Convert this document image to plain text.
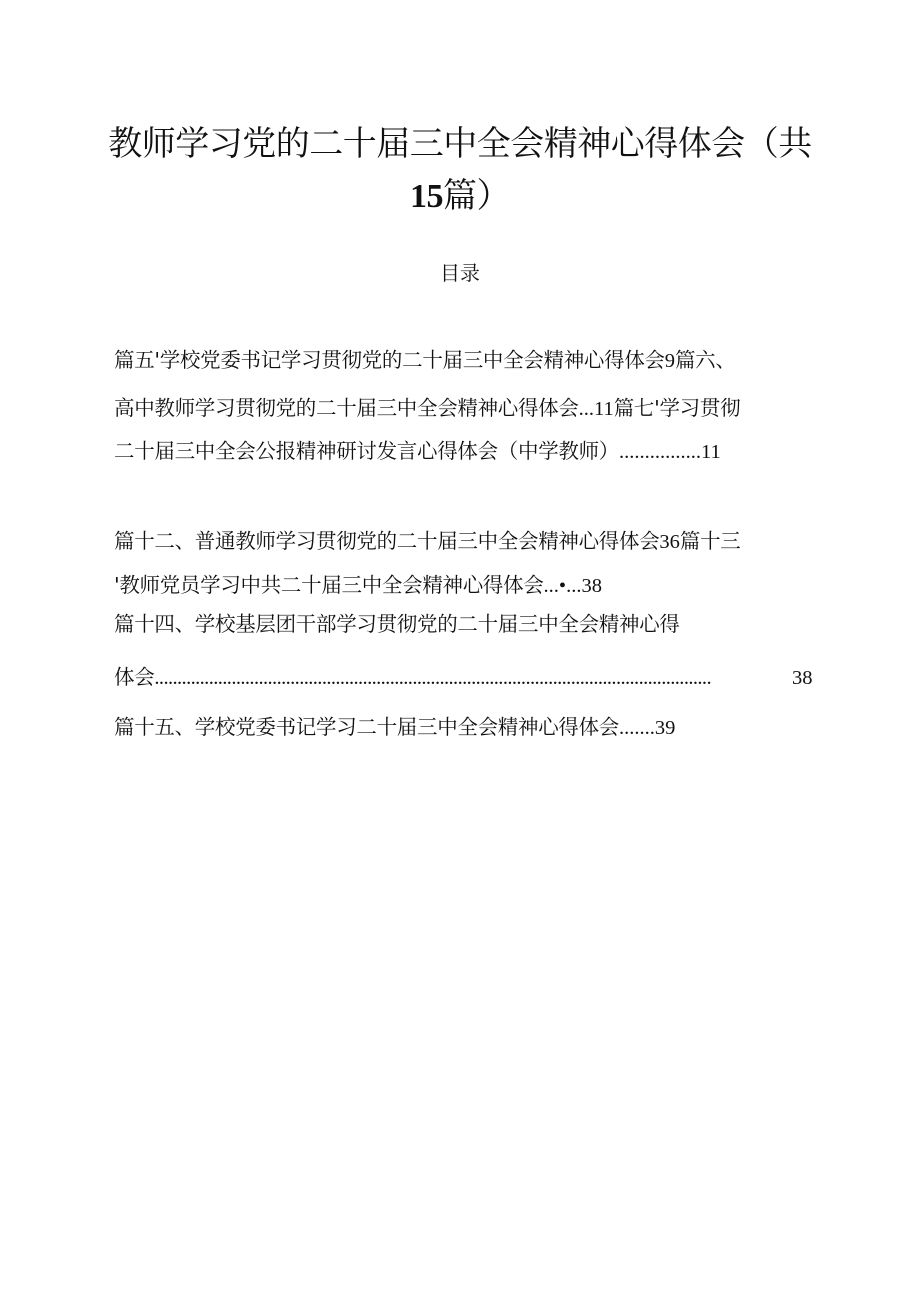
教师学习党的二十届三中全会精神心得体会（共
15篇）
目录
篇五'学校党委书记学习贯彻党的二十届三中全会精神心得体会9篇六、
高中教师学习贯彻党的二十届三中全会精神心得体会...11篇七'学习贯彻
二十届三中全会公报精神研讨发言心得体会（中学教师）................11
篇十二、普通教师学习贯彻党的二十届三中全会精神心得体会36篇十三
'教师党员学习中共二十届三中全会精神心得体会...•...38
篇十四、学校基层团干部学习贯彻党的二十届三中全会精神心得
体会...........................................................................................................................	38
篇十五、学校党委书记学习二十届三中全会精神心得体会.......39
